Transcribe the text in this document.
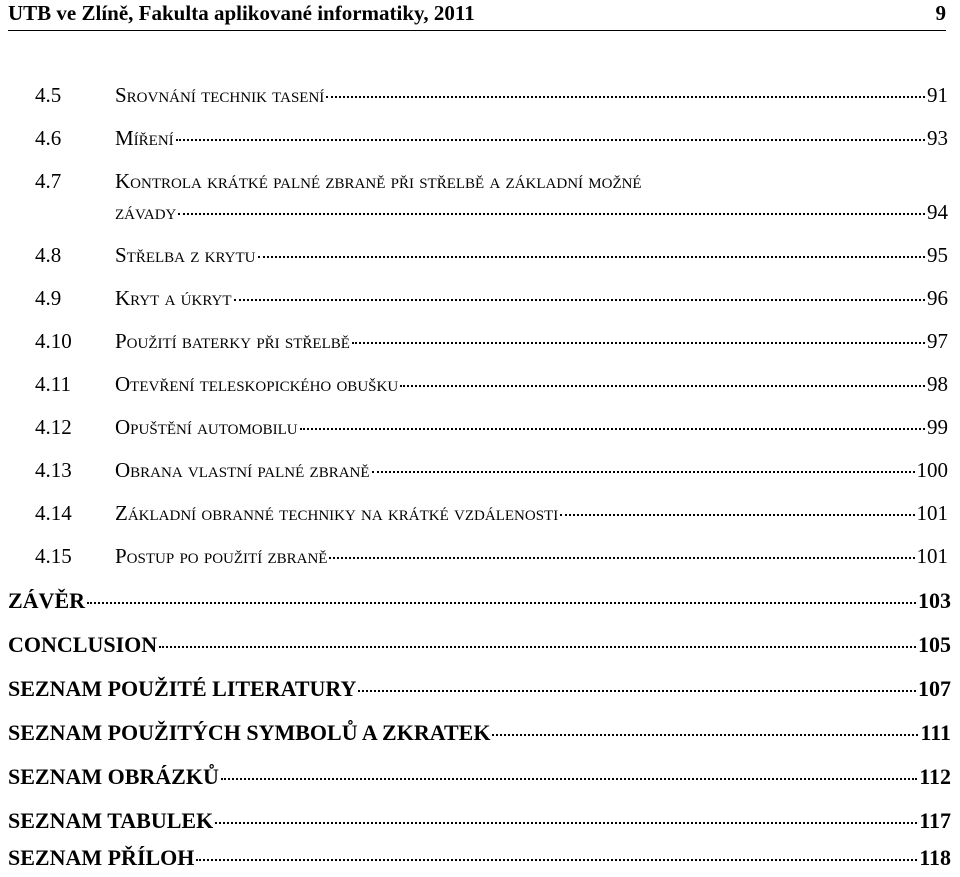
UTB ve Zlíně, Fakulta aplikované informatiky, 2011	9
4.5	Srovnání technik tasení	91
4.6	Míření	93
4.7	Kontrola krátké palné zbraně při střelbě a základní možné
závady	94
4.8	Střelba z krytu	95
4.9	Kryt a úkryt	96
4.10	Použití baterky při střelbě	97
4.11	Otevření teleskopického obušku	98
4.12	Opuštění automobilu	99
4.13	Obrana vlastní palné zbraně	100
4.14	Základní obranné techniky na krátké vzdálenosti	101
4.15	Postup po použití zbraně	101
ZÁVĚR	103
CONCLUSION	105
SEZNAM POUŽITÉ LITERATURY	107
SEZNAM POUŽITÝCH SYMBOLŮ A ZKRATEK	111
SEZNAM OBRÁZKŮ	112
SEZNAM TABULEK	117
SEZNAM PŘÍLOH	118
